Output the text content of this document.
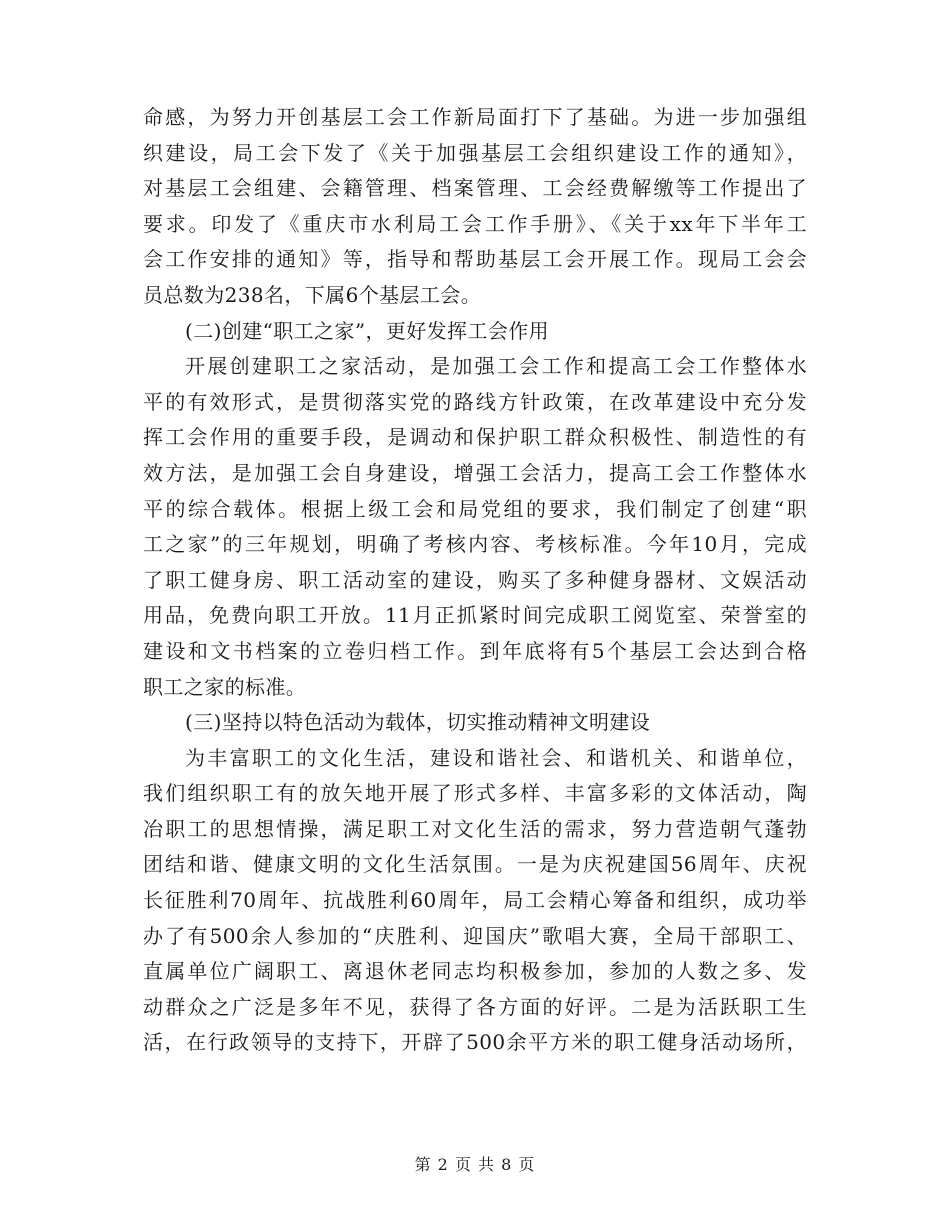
命感，为努力开创基层工会工作新局面打下了基础。为进一步加强组
织建设，局工会下发了《关于加强基层工会组织建设工作的通知》，
对基层工会组建、会籍管理、档案管理、工会经费解缴等工作提出了
要求。印发了《重庆市水利局工会工作手册》、《关于xx年下半年工
会工作安排的通知》等，指导和帮助基层工会开展工作。现局工会会
员总数为238名，下属6个基层工会。
(二)创建“职工之家”，更好发挥工会作用
开展创建职工之家活动，是加强工会工作和提高工会工作整体水
平的有效形式，是贯彻落实党的路线方针政策，在改革建设中充分发
挥工会作用的重要手段，是调动和保护职工群众积极性、制造性的有
效方法，是加强工会自身建设，增强工会活力，提高工会工作整体水
平的综合载体。根据上级工会和局党组的要求，我们制定了创建“职
工之家”的三年规划，明确了考核内容、考核标准。今年10月，完成
了职工健身房、职工活动室的建设，购买了多种健身器材、文娱活动
用品，免费向职工开放。11月正抓紧时间完成职工阅览室、荣誉室的
建设和文书档案的立卷归档工作。到年底将有5个基层工会达到合格
职工之家的标准。
(三)坚持以特色活动为载体，切实推动精神文明建设
为丰富职工的文化生活，建设和谐社会、和谐机关、和谐单位，
我们组织职工有的放矢地开展了形式多样、丰富多彩的文体活动，陶
冶职工的思想情操，满足职工对文化生活的需求，努力营造朝气蓬勃
团结和谐、健康文明的文化生活氛围。一是为庆祝建国56周年、庆祝
长征胜利70周年、抗战胜利60周年，局工会精心筹备和组织，成功举
办了有500余人参加的“庆胜利、迎国庆”歌唱大赛，全局干部职工、
直属单位广阔职工、离退休老同志均积极参加，参加的人数之多、发
动群众之广泛是多年不见，获得了各方面的好评。二是为活跃职工生
活，在行政领导的支持下，开辟了500余平方米的职工健身活动场所，
第 2 页 共 8 页
